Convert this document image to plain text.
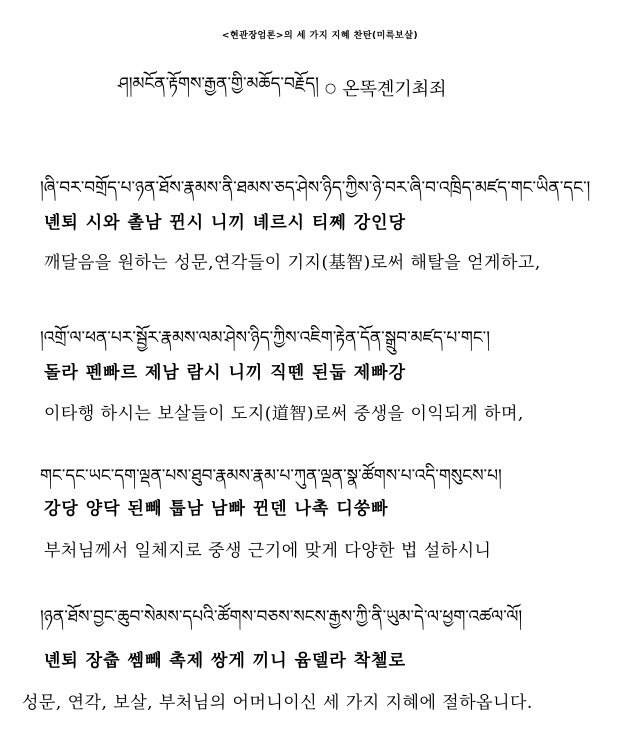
<현관장엄론>의 세 가지 지혜 찬탄(미륵보살)
ཤ།མངོན་རྟོགས་རྒྱན་གྱི་མཆོད་བརྗོད། ○ 온똑곈기최죄
།ཞི་བར་བགྲོད་པ་ཉན་ཐོས་རྣམས་ནི་ཐམས་ཅད་ཤེས་ཉིད་ཀྱིས་ཉེ་བར་ཞི་བ་འཁྲིད་མཛད་གང་ཡིན་དང་།
녠퇴 시와 촐남 뀐시 니끼 녜르시 티쩨 강인당
깨달음을 원하는 성문,연각들이 기지(基智)로써 해탈을 얻게하고,
།འགྲོ་ལ་ཕན་པར་སྦྱོར་རྣམས་ལམ་ཤེས་ཉིད་ཀྱིས་འཇིག་རྟེན་དོན་སྒྲུབ་མཛད་པ་གང་།
돌라 펜빠르 제남 람시 니끼 직뗀 된둡 제빠강
이타행 하시는 보살들이 도지(道智)로써 중생을 이익되게 하며,
གང་དང་ཡང་དག་ལྡན་པས་ཐུབ་རྣམས་རྣམ་པ་ཀུན་ལྡན་སྣ་ཚོགས་པ་འདི་གསུངས་པ།
강당 양닥 된빼 툽남 남빠 뀐덴 나촉 디쑹빠
부처님께서 일체지로 중생 근기에 맞게 다양한 법 설하시니
།ཉན་ཐོས་བྱང་ཆུབ་སེམས་དཔའི་ཚོགས་བཅས་སངས་རྒྱས་ཀྱི་ནི་ཡུམ་དེ་ལ་ཕྱག་འཚལ་ལོ།
녠퇴 장춥 쎔빼 촉제 쌍게 끼니 윰델라 착첼로
성문, 연각, 보살, 부처님의 어머니이신 세 가지 지혜에 절하옵니다.
